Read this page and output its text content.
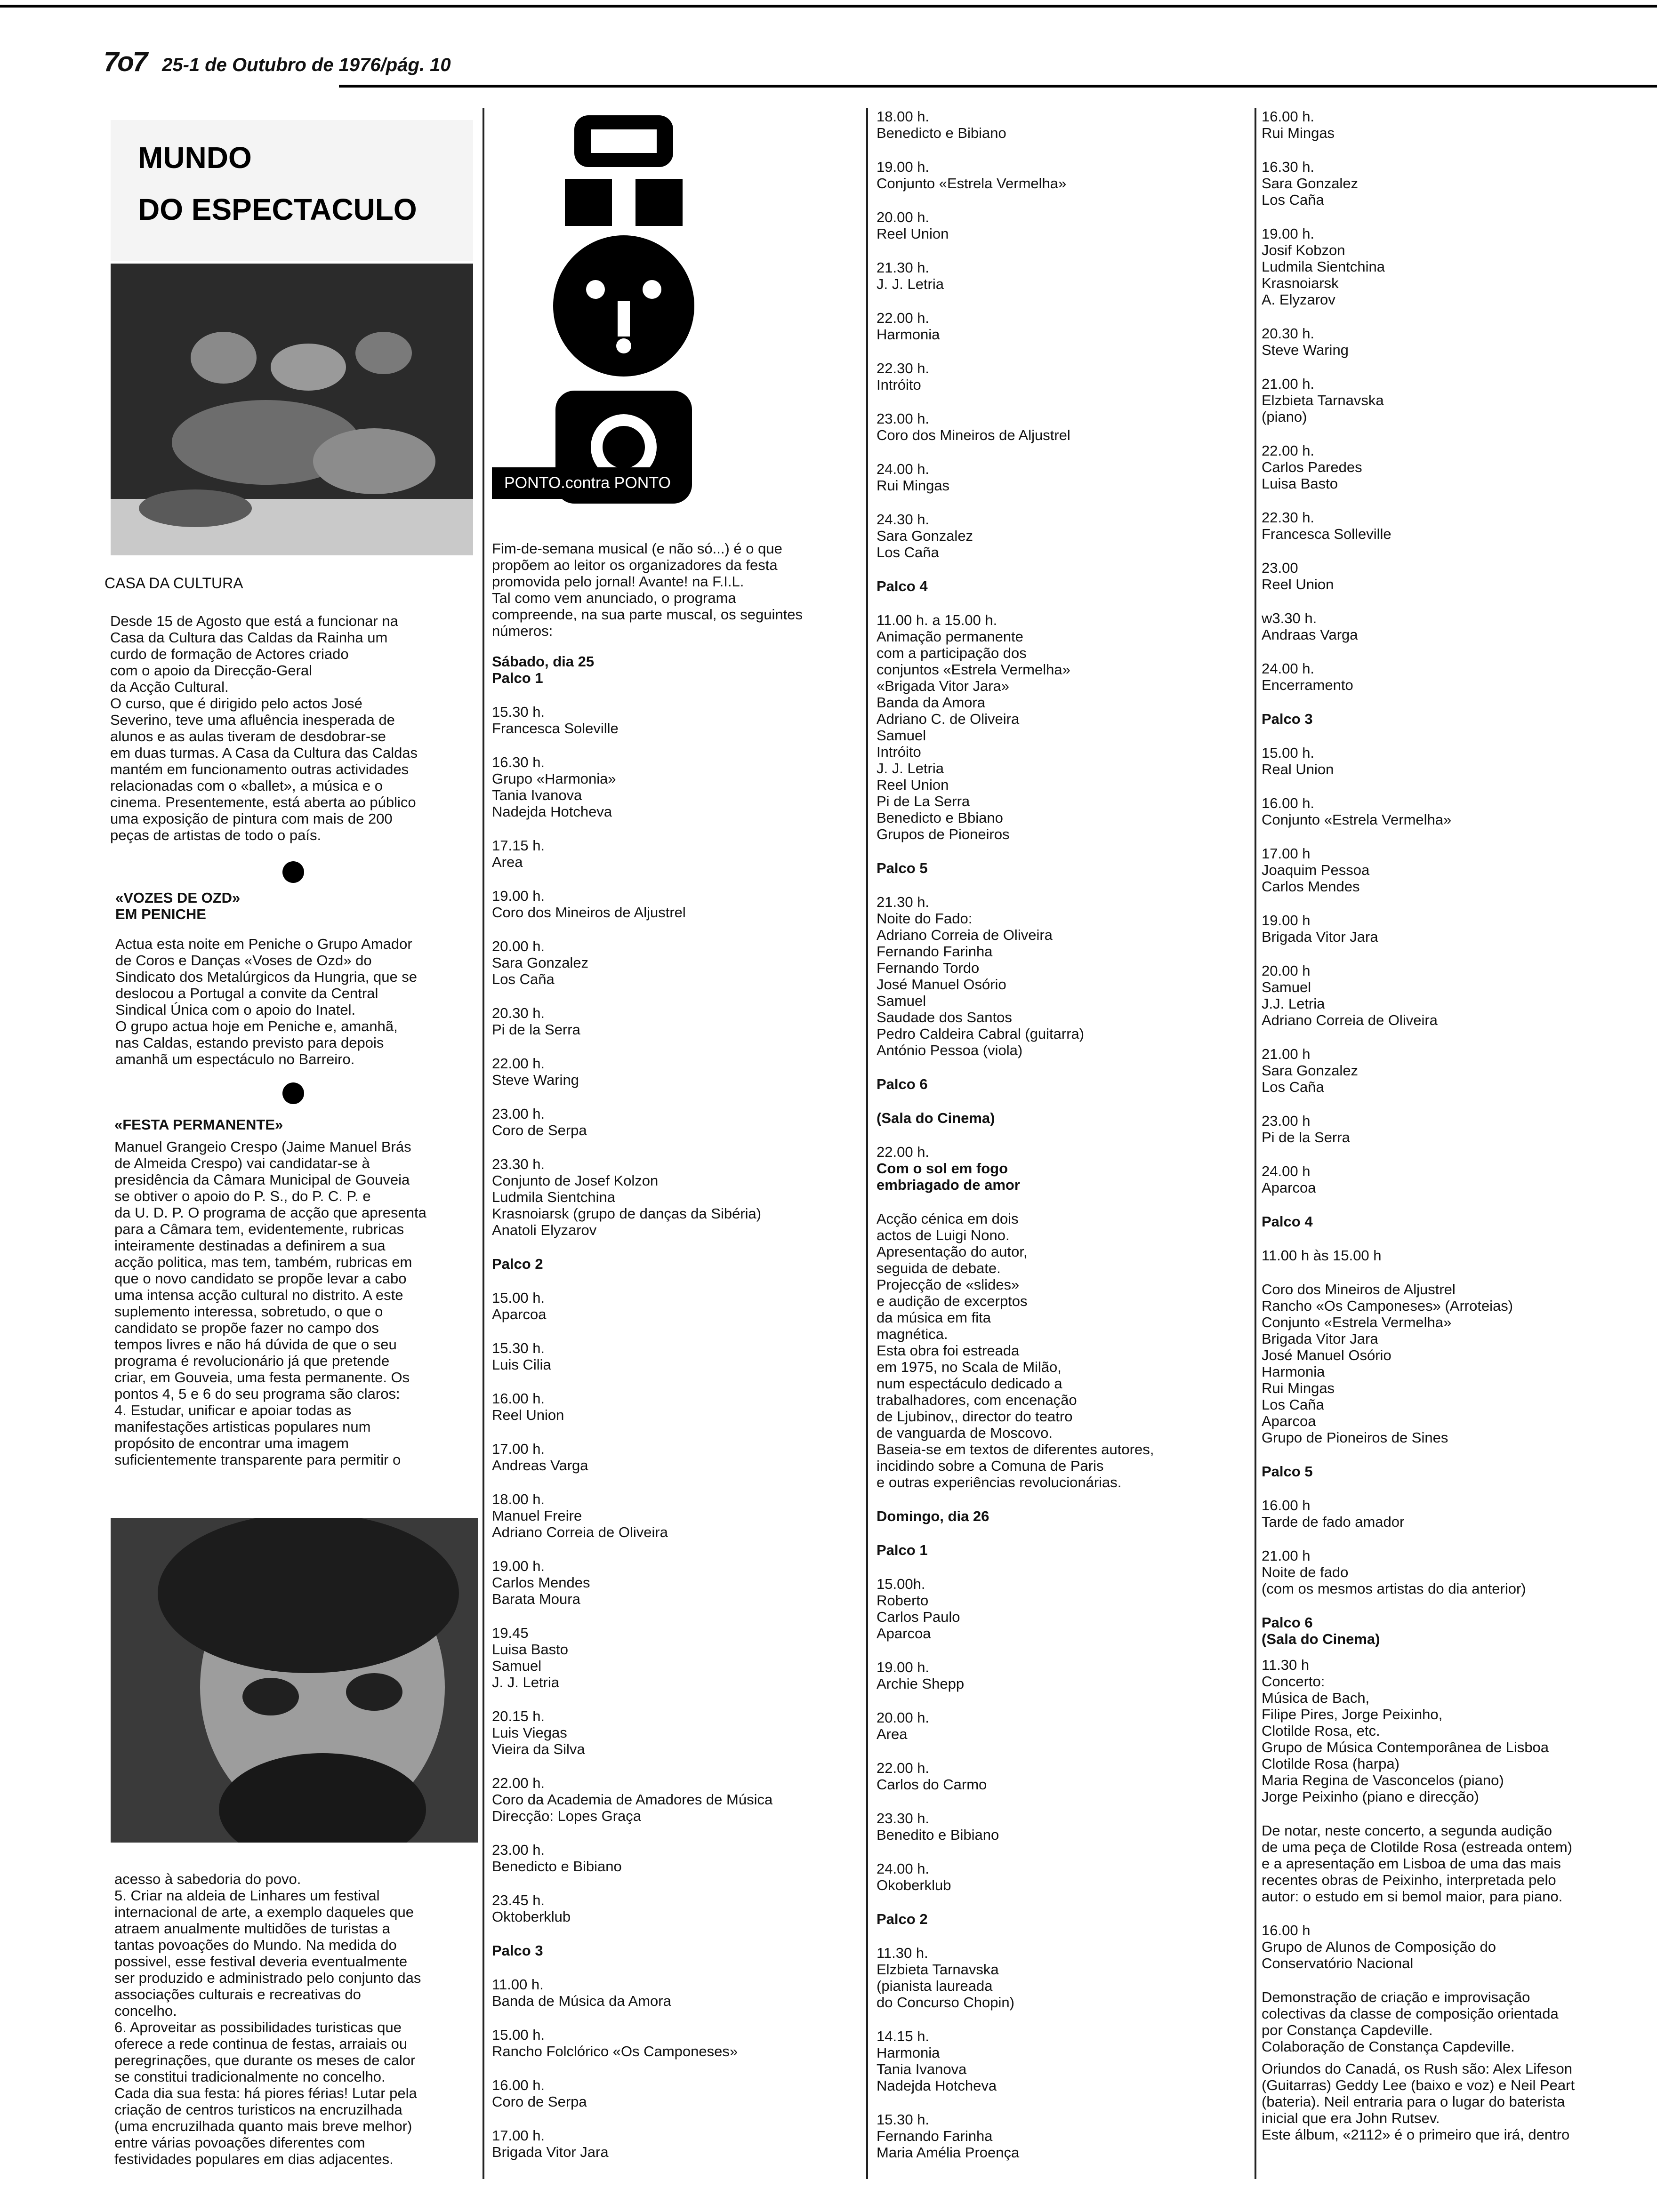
7o7 25-1 de Outubro de 1976/pág. 10
MUNDO
DO ESPECTACULO

CASA DA CULTURA

Desde 15 de Agosto que está a funcionar na
Casa da Cultura das Caldas da Rainha um
curdo de formação de Actores criado
com o apoio da Direcção-Geral
da Acção Cultural.
O curso, que é dirigido pelo actos José
Severino, teve uma afluência inesperada de
alunos e as aulas tiveram de desdobrar-se
em duas turmas. A Casa da Cultura das Caldas
mantém em funcionamento outras actividades
relacionadas com o «ballet», a música e o
cinema. Presentemente, está aberta ao público
uma exposição de pintura com mais de 200
peças de artistas de todo o país.

«VOZES DE OZD»
EM PENICHE

Actua esta noite em Peniche o Grupo Amador
de Coros e Danças «Voses de Ozd» do
Sindicato dos Metalúrgicos da Hungria, que se
deslocou a Portugal a convite da Central
Sindical Única com o apoio do Inatel.
O grupo actua hoje em Peniche e, amanhã,
nas Caldas, estando previsto para depois
amanhã um espectáculo no Barreiro.

«FESTA PERMANENTE»

Manuel Grangeio Crespo (Jaime Manuel Brás
de Almeida Crespo) vai candidatar-se à
presidência da Câmara Municipal de Gouveia
se obtiver o apoio do P. S., do P. C. P. e
da U. D. P. O programa de acção que apresenta
para a Câmara tem, evidentemente, rubricas
inteiramente destinadas a definirem a sua
acção politica, mas tem, também, rubricas em
que o novo candidato se propõe levar a cabo
uma intensa acção cultural no distrito. A este
suplemento interessa, sobretudo, o que o
candidato se propõe fazer no campo dos
tempos livres e não há dúvida de que o seu
programa é revolucionário já que pretende
criar, em Gouveia, uma festa permanente. Os
pontos 4, 5 e 6 do seu programa são claros:
4. Estudar, unificar e apoiar todas as
manifestações artisticas populares num
propósito de encontrar uma imagem
suficientemente transparente para permitir o

acesso à sabedoria do povo.
5. Criar na aldeia de Linhares um festival
internacional de arte, a exemplo daqueles que
atraem anualmente multidões de turistas a
tantas povoações do Mundo. Na medida do
possivel, esse festival deveria eventualmente
ser produzido e administrado pelo conjunto das
associações culturais e recreativas do
concelho.
6. Aproveitar as possibilidades turisticas que
oferece a rede continua de festas, arraiais ou
peregrinações, que durante os meses de calor
se constitui tradicionalmente no concelho.
Cada dia sua festa: há piores férias! Lutar pela
criação de centros turisticos na encruzilhada
(uma encruzilhada quanto mais breve melhor)
entre várias povoações diferentes com
festividades populares em dias adjacentes.

PONTO.contra PONTO

Fim-de-semana musical (e não só...) é o que
propõem ao leitor os organizadores da festa
promovida pelo jornal! Avante! na F.I.L.
Tal como vem anunciado, o programa
compreende, na sua parte muscal, os seguintes
números:

Sábado, dia 25
Palco 1

15.30 h.
Francesca Soleville

16.30 h.
Grupo «Harmonia»
Tania Ivanova
Nadejda Hotcheva

17.15 h.
Area

19.00 h.
Coro dos Mineiros de Aljustrel

20.00 h.
Sara Gonzalez
Los Caña

20.30 h.
Pi de la Serra

22.00 h.
Steve Waring

23.00 h.
Coro de Serpa

23.30 h.
Conjunto de Josef Kolzon
Ludmila Sientchina
Krasnoiarsk (grupo de danças da Sibéria)
Anatoli Elyzarov

Palco 2

15.00 h.
Aparcoa

15.30 h.
Luis Cilia

16.00 h.
Reel Union

17.00 h.
Andreas Varga

18.00 h.
Manuel Freire
Adriano Correia de Oliveira

19.00 h.
Carlos Mendes
Barata Moura

19.45
Luisa Basto
Samuel
J. J. Letria

20.15 h.
Luis Viegas
Vieira da Silva

22.00 h.
Coro da Academia de Amadores de Música
Direcção: Lopes Graça

23.00 h.
Benedicto e Bibiano

23.45 h.
Oktoberklub

Palco 3

11.00 h.
Banda de Música da Amora

15.00 h.
Rancho Folclórico «Os Camponeses»

16.00 h.
Coro de Serpa

17.00 h.
Brigada Vitor Jara

18.00 h.
Benedicto e Bibiano

19.00 h.
Conjunto «Estrela Vermelha»

20.00 h.
Reel Union

21.30 h.
J. J. Letria

22.00 h.
Harmonia

22.30 h.
Intróito

23.00 h.
Coro dos Mineiros de Aljustrel

24.00 h.
Rui Mingas

24.30 h.
Sara Gonzalez
Los Caña

Palco 4

11.00 h. a 15.00 h.
Animação permanente
com a participação dos
conjuntos «Estrela Vermelha»
«Brigada Vitor Jara»
Banda da Amora
Adriano C. de Oliveira
Samuel
Intróito
J. J. Letria
Reel Union
Pi de La Serra
Benedicto e Bbiano
Grupos de Pioneiros

Palco 5

21.30 h.
Noite do Fado:
Adriano Correia de Oliveira
Fernando Farinha
Fernando Tordo
José Manuel Osório
Samuel
Saudade dos Santos
Pedro Caldeira Cabral (guitarra)
António Pessoa (viola)

Palco 6
(Sala do Cinema)
22.00 h.
Com o sol em fogo
embriagado de amor

Acção cénica em dois
actos de Luigi Nono.
Apresentação do autor,
seguida de debate.
Projecção de «slides»
e audição de excerptos
da música em fita
magnética.
Esta obra foi estreada
em 1975, no Scala de Milão,
num espectáculo dedicado a
trabalhadores, com encenação
de Ljubinov,, director do teatro
de vanguarda de Moscovo.
Baseia-se em textos de diferentes autores,
incidindo sobre a Comuna de Paris
e outras experiências revolucionárias.

Domingo, dia 26
Palco 1

15.00h.
Roberto
Carlos Paulo
Aparcoa

19.00 h.
Archie Shepp

20.00 h.
Area

22.00 h.
Carlos do Carmo

23.30 h.
Benedito e Bibiano

24.00 h.
Okoberklub

Palco 2

11.30 h.
Elzbieta Tarnavska
(pianista laureada
do Concurso Chopin)

14.15 h.
Harmonia
Tania Ivanova
Nadejda Hotcheva

15.30 h.
Fernando Farinha
Maria Amélia Proença

16.00 h.
Rui Mingas

16.30 h.
Sara Gonzalez
Los Caña

19.00 h.
Josif Kobzon
Ludmila Sientchina
Krasnoiarsk
A. Elyzarov

20.30 h.
Steve Waring

21.00 h.
Elzbieta Tarnavska
(piano)

22.00 h.
Carlos Paredes
Luisa Basto

22.30 h.
Francesca Solleville

23.00
Reel Union

w3.30 h.
Andraas Varga

24.00 h.
Encerramento

Palco 3

15.00 h.
Real Union

16.00 h.
Conjunto «Estrela Vermelha»

17.00 h
Joaquim Pessoa
Carlos Mendes

19.00 h
Brigada Vitor Jara

20.00 h
Samuel
J.J. Letria
Adriano Correia de Oliveira

21.00 h
Sara Gonzalez
Los Caña

23.00 h
Pi de la Serra

24.00 h
Aparcoa

Palco 4

11.00 h às 15.00 h

Coro dos Mineiros de Aljustrel
Rancho «Os Camponeses» (Arroteias)
Conjunto «Estrela Vermelha»
Brigada Vitor Jara
José Manuel Osório
Harmonia
Rui Mingas
Los Caña
Aparcoa
Grupo de Pioneiros de Sines

Palco 5

16.00 h
Tarde de fado amador

21.00 h
Noite de fado
(com os mesmos artistas do dia anterior)

Palco 6
(Sala do Cinema)

11.30 h
Concerto:
Música de Bach,
Filipe Pires, Jorge Peixinho,
Clotilde Rosa, etc.
Grupo de Música Contemporânea de Lisboa
Clotilde Rosa (harpa)
Maria Regina de Vasconcelos (piano)
Jorge Peixinho (piano e direcção)

De notar, neste concerto, a segunda audição
de uma peça de Clotilde Rosa (estreada ontem)
e a apresentação em Lisboa de uma das mais
recentes obras de Peixinho, interpretada pelo
autor: o estudo em si bemol maior, para piano.

16.00 h
Grupo de Alunos de Composição do
Conservatório Nacional

Demonstração de criação e improvisação
colectivas da classe de composição orientada
por Constança Capdeville.
Colaboração de Constança Capdeville.

Oriundos do Canadá, os Rush são: Alex Lifeson
(Guitarras) Geddy Lee (baixo e voz) e Neil Peart
(bateria). Neil entraria para o lugar do baterista
inicial que era John Rutsev.
Este álbum, «2112» é o primeiro que irá, dentro
